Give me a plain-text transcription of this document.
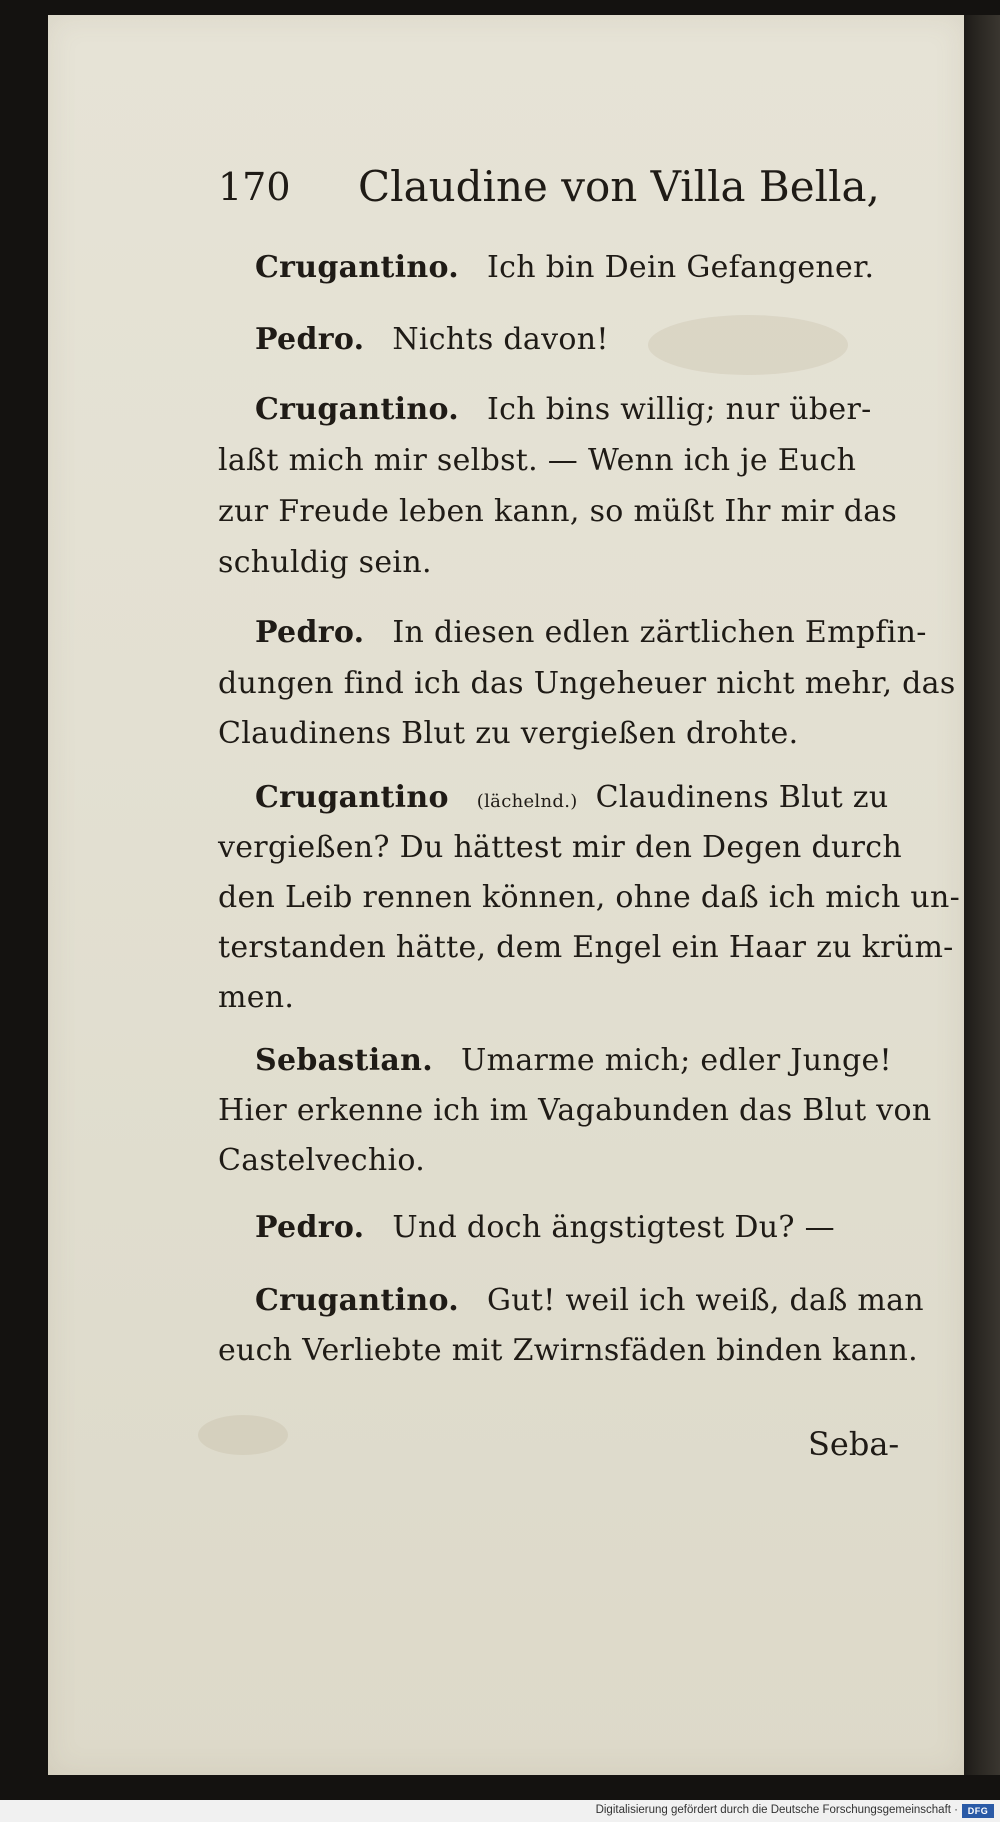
170 Claudine von Villa Bella,
Crugantino. Ich bin Dein Gefangener.
Pedro. Nichts davon!
Crugantino. Ich bins willig; nur über-
laßt mich mir selbst. — Wenn ich je Euch
zur Freude leben kann, so müßt Ihr mir das
schuldig sein.
Pedro. In diesen edlen zärtlichen Empfin-
dungen find ich das Ungeheuer nicht mehr, das
Claudinens Blut zu vergießen drohte.
Crugantino (lächelnd.) Claudinens Blut zu
vergießen? Du hättest mir den Degen durch
den Leib rennen können, ohne daß ich mich un-
terstanden hätte, dem Engel ein Haar zu krüm-
men.
Sebastian. Umarme mich; edler Junge!
Hier erkenne ich im Vagabunden das Blut von
Castelvechio.
Pedro. Und doch ängstigtest Du? —
Crugantino. Gut! weil ich weiß, daß man
euch Verliebte mit Zwirnsfäden binden kann.
Seba-
Digitalisierung gefördert durch die Deutsche Forschungsgemeinschaft ·	DFG
